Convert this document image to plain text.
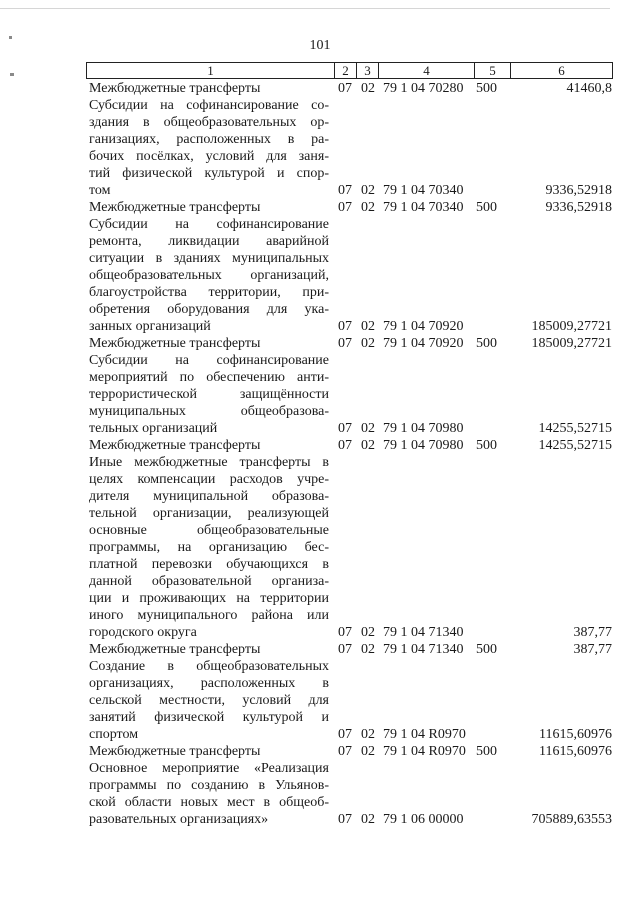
101
1	2	3	4	5	6
Межбюджетные трансферты	07 02 79 1 04 70280 500	41460,8
Субсидии на софинансирование со-
здания в общеобразовательных ор-
ганизациях, расположенных в ра-
бочих посёлках, условий для заня-
тий физической культурой и спор-
том	07 02 79 1 04 70340	9336,52918
Межбюджетные трансферты	07 02 79 1 04 70340 500	9336,52918
Субсидии на софинансирование
ремонта, ликвидации аварийной
ситуации в зданиях муниципальных
общеобразовательных организаций,
благоустройства территории, при-
обретения оборудования для ука-
занных организаций	07 02 79 1 04 70920	185009,27721
Межбюджетные трансферты	07 02 79 1 04 70920 500 185009,27721
Субсидии на софинансирование
мероприятий по обеспечению анти-
террористической защищённости
муниципальных общеобразова-
тельных организаций	07 02 79 1 04 70980	14255,52715
Межбюджетные трансферты	07 02 79 1 04 70980 500	14255,52715
Иные межбюджетные трансферты в
целях компенсации расходов учре-
дителя муниципальной образова-
тельной организации, реализующей
основные общеобразовательные
программы, на организацию бес-
платной перевозки обучающихся в
данной образовательной организа-
ции и проживающих на территории
иного муниципального района или
городского округа	07 02 79 1 04 71340	387,77
Межбюджетные трансферты	07 02 79 1 04 71340 500	387,77
Создание в общеобразовательных
организациях, расположенных в
сельской местности, условий для
занятий физической культурой и
спортом	07 02 79 1 04 R0970	11615,60976
Межбюджетные трансферты	07 02 79 1 04 R0970 500	11615,60976
Основное мероприятие «Реализация
программы по созданию в Ульянов-
ской области новых мест в общеоб-
разовательных организациях»	07 02 79 1 06 00000	705889,63553
